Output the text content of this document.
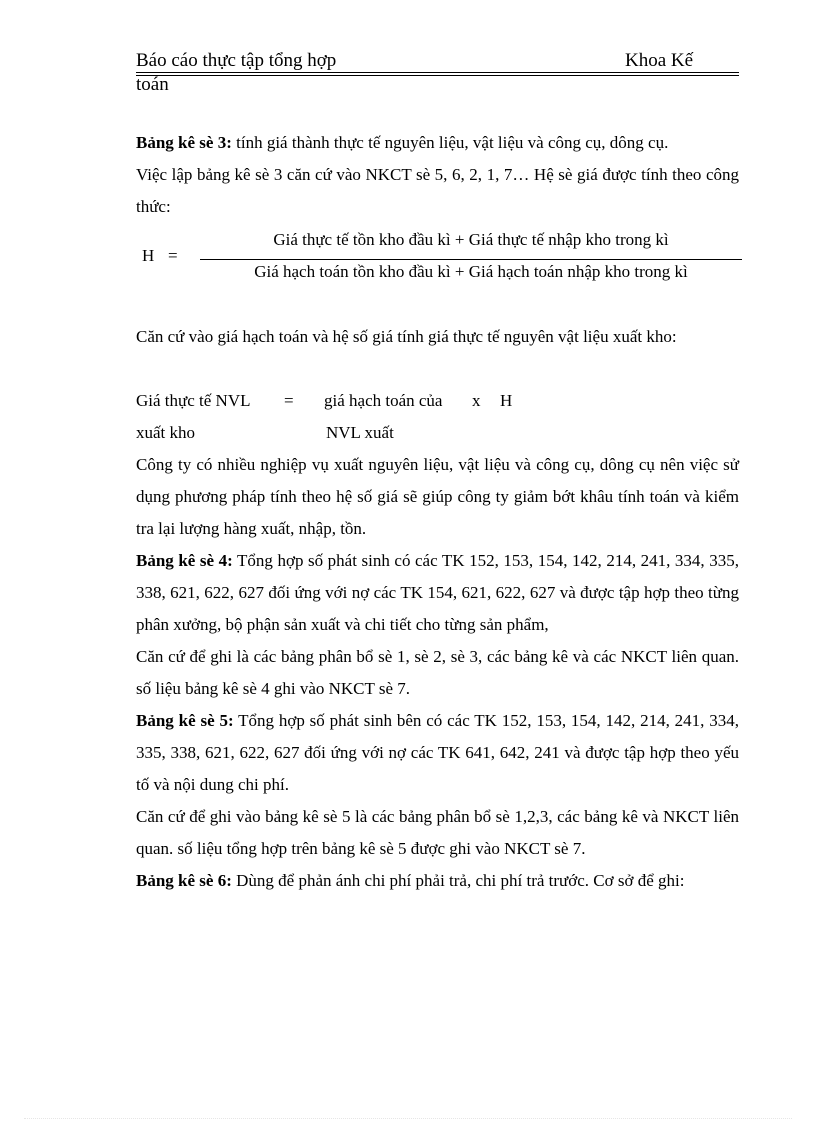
Báo cáo thực tập tổng hợp	Khoa Kế
toán

Bảng kê sè 3: tính giá thành thực tế nguyên liệu, vật liệu và công cụ, dông cụ.

Việc lập bảng kê sè 3 căn cứ vào NKCT sè 5, 6, 2, 1, 7… Hệ sè giá được tính theo công thức:

H =
Giá thực tế tồn kho đầu kì + Giá thực tế nhập kho trong kì
Giá hạch toán tồn kho đầu kì + Giá hạch toán nhập kho trong kì

Căn cứ vào giá hạch toán và hệ số giá tính giá thực tế nguyên vật liệu xuất kho:

Giá thực tế NVL = giá hạch toán của x H
xuất kho	NVL xuất

Công ty có nhiều nghiệp vụ xuất nguyên liệu, vật liệu và công cụ, dông cụ nên việc sử dụng phương pháp tính theo hệ số giá sẽ giúp công ty giảm bớt khâu tính toán và kiểm tra lại lượng hàng xuất, nhập, tồn.

Bảng kê sè 4: Tổng hợp số phát sinh có các TK 152, 153, 154, 142, 214, 241, 334, 335, 338, 621, 622, 627 đối ứng với nợ các TK 154, 621, 622, 627 và được tập hợp theo từng phân xưởng, bộ phận sản xuất và chi tiết cho từng sản phẩm,

Căn cứ để ghi là các bảng phân bổ sè 1, sè 2, sè 3, các bảng kê và các NKCT liên quan. số liệu bảng kê sè 4 ghi vào NKCT sè 7.

Bảng kê sè 5: Tổng hợp số phát sinh bên có các TK 152, 153, 154, 142, 214, 241, 334, 335, 338, 621, 622, 627 đối ứng với nợ các TK 641, 642, 241 và được tập hợp theo yếu tố và nội dung chi phí.

Căn cứ để ghi vào bảng kê sè 5 là các bảng phân bổ sè 1,2,3, các bảng kê và NKCT liên quan. số liệu tổng hợp trên bảng kê sè 5 được ghi vào NKCT sè 7.

Bảng kê sè 6: Dùng để phản ánh chi phí phải trả, chi phí trả trước. Cơ sở để ghi:
